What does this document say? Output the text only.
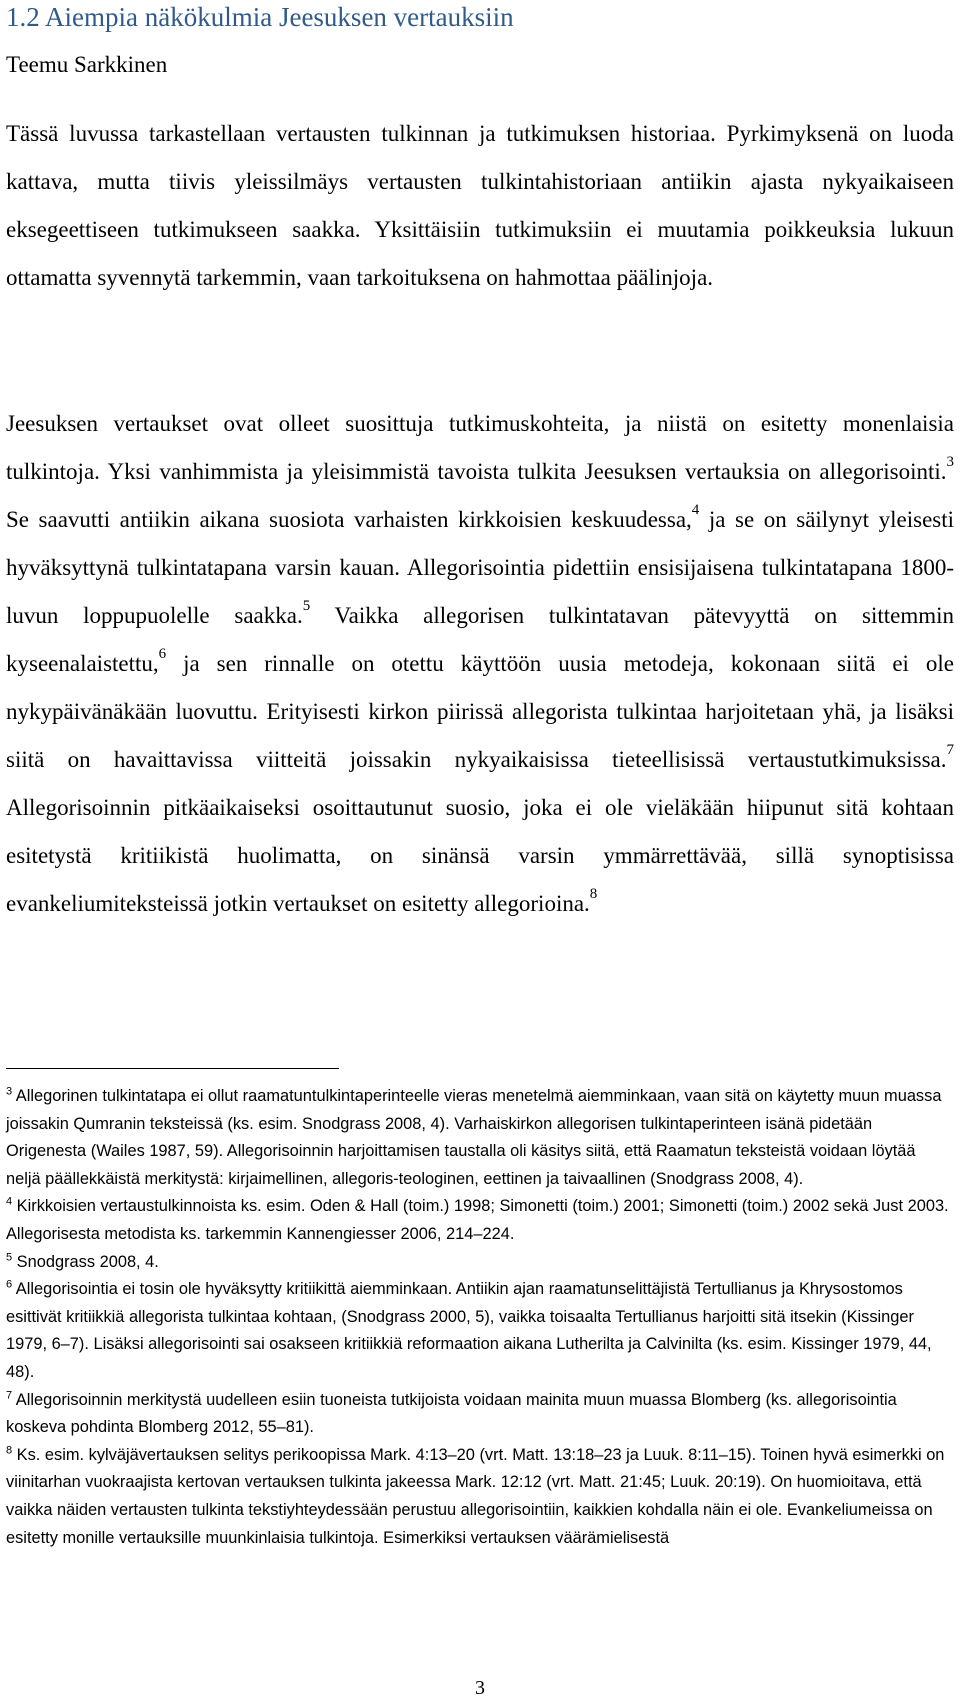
1.2 Aiempia näkökulmia Jeesuksen vertauksiin
Teemu Sarkkinen
Tässä luvussa tarkastellaan vertausten tulkinnan ja tutkimuksen historiaa. Pyrkimyksenä on luoda kattava, mutta tiivis yleissilmäys vertausten tulkintahistoriaan antiikin ajasta nykyaikaiseen eksegeettiseen tutkimukseen saakka. Yksittäisiin tutkimuksiin ei muutamia poikkeuksia lukuun ottamatta syvennytä tarkemmin, vaan tarkoituksena on hahmottaa päälinjoja.
Jeesuksen vertaukset ovat olleet suosittuja tutkimuskohteita, ja niistä on esitetty monenlaisia tulkintoja. Yksi vanhimmista ja yleisimmistä tavoista tulkita Jeesuksen vertauksia on allegorisointi.$^3$ Se saavutti antiikin aikana suosiota varhaisten kirkkoisien keskuudessa,$^4$ ja se on säilynyt yleisesti hyväksyttynä tulkintatapana varsin kauan. Allegorisointia pidettiin ensisijaisena tulkintatapana 1800-luvun loppupuolelle saakka.$^5$ Vaikka allegorisen tulkintatavan pätevyyttä on sittemmin kyseenalaistettu,$^6$ ja sen rinnalle on otettu käyttöön uusia metodeja, kokonaan siitä ei ole nykypäivänäkään luovuttu. Erityisesti kirkon piirissä allegorista tulkintaa harjoitetaan yhä, ja lisäksi siitä on havaittavissa viitteitä joissakin nykyaikaisissa tieteellisissä vertaustutkimuksissa.$^7$ Allegorisoinnin pitkäaikaiseksi osoittautunut suosio, joka ei ole vieläkään hiipunut sitä kohtaan esitetystä kritiikistä huolimatta, on sinänsä varsin ymmärrettävää, sillä synoptisissa evankeliumiteksteissä jotkin vertaukset on esitetty allegorioina.$^8$

$^3$ Allegorinen tulkintatapa ei ollut raamatuntulkintaperinteelle vieras menetelmä aiemminkaan, vaan sitä on käytetty muun muassa joissakin Qumranin teksteissä (ks. esim. Snodgrass 2008, 4). Varhaiskirkon allegorisen tulkintaperinteen isänä pidetään Origenesta (Wailes 1987, 59). Allegorisoinnin harjoittamisen taustalla oli käsitys siitä, että Raamatun teksteistä voidaan löytää neljä päällekkäistä merkitystä: kirjaimellinen, allegoris-teologinen, eettinen ja taivaallinen (Snodgrass 2008, 4).

$^4$ Kirkkoisien vertaustulkinnoista ks. esim. Oden & Hall (toim.) 1998; Simonetti (toim.) 2001; Simonetti (toim.) 2002 sekä Just 2003. Allegorisesta metodista ks. tarkemmin Kannengiesser 2006, 214–224.

$^5$ Snodgrass 2008, 4.

$^6$ Allegorisointia ei tosin ole hyväksytty kritiikittä aiemminkaan. Antiikin ajan raamatunselittäjistä Tertullianus ja Khrysostomos esittivät kritiikkiä allegorista tulkintaa kohtaan, (Snodgrass 2000, 5), vaikka toisaalta Tertullianus harjoitti sitä itsekin (Kissinger 1979, 6–7). Lisäksi allegorisointi sai osakseen kritiikkiä reformaation aikana Lutherilta ja Calvinilta (ks. esim. Kissinger 1979, 44, 48).

$^7$ Allegorisoinnin merkitystä uudelleen esiin tuoneista tutkijoista voidaan mainita muun muassa Blomberg (ks. allegorisointia koskeva pohdinta Blomberg 2012, 55–81).

$^8$ Ks. esim. kylväjävertauksen selitys perikoopissa Mark. 4:13–20 (vrt. Matt. 13:18–23 ja Luuk. 8:11–15). Toinen hyvä esimerkki on viinitarhan vuokraajista kertovan vertauksen tulkinta jakeessa Mark. 12:12 (vrt. Matt. 21:45; Luuk. 20:19). On huomioitava, että vaikka näiden vertausten tulkinta tekstiyhteydessään perustuu allegorisointiin, kaikkien kohdalla näin ei ole. Evankeliumeissa on esitetty monille vertauksille muunkinlaisia tulkintoja. Esimerkiksi vertauksen väärämielisestä

3
